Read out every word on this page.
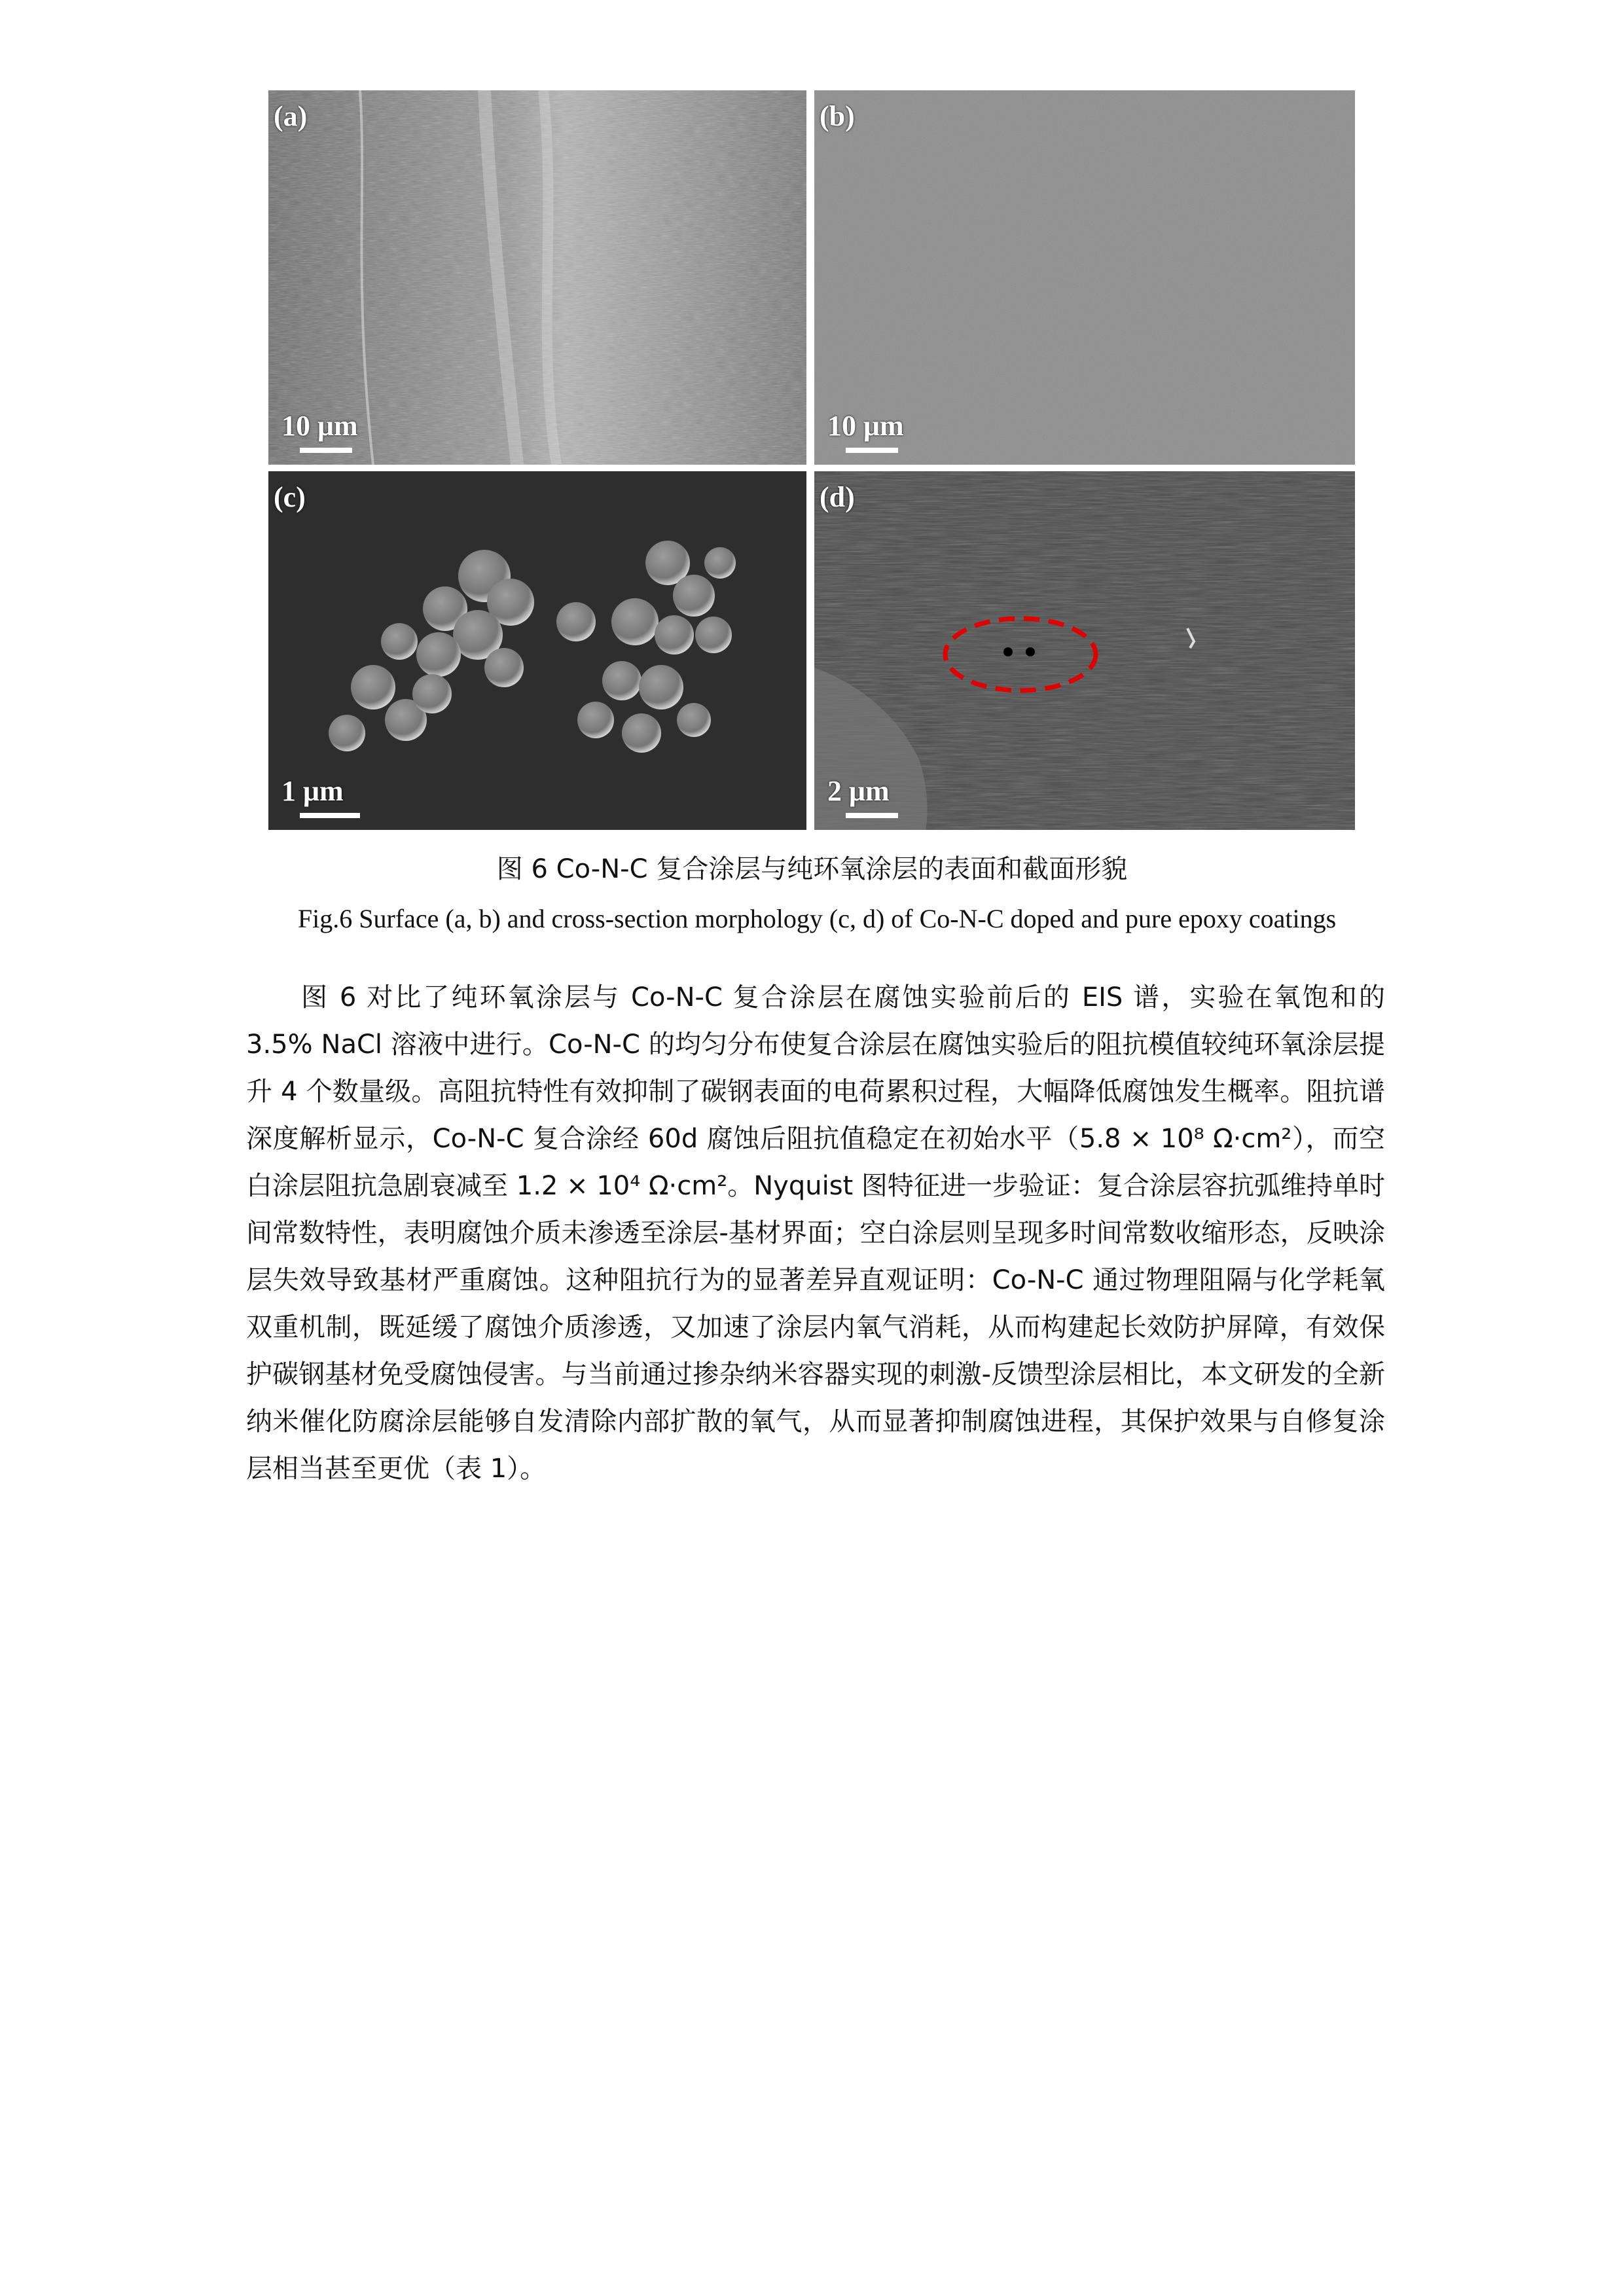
(a)
10 μm
(b)
10 μm
(c)
1 μm
(d)
2 μm
图 6 Co-N-C 复合涂层与纯环氧涂层的表面和截面形貌
Fig.6 Surface (a, b) and cross-section morphology (c, d) of Co-N-C doped and pure epoxy coatings

图 6 对比了纯环氧涂层与 Co-N-C 复合涂层在腐蚀实验前后的 EIS 谱，实验在氧饱和的 3.5% NaCl 溶液中进行。Co-N-C 的均匀分布使复合涂层在腐蚀实验后的阻抗模值较纯环氧涂层提升 4 个数量级。高阻抗特性有效抑制了碳钢表面的电荷累积过程，大幅降低腐蚀发生概率。阻抗谱深度解析显示，Co-N-C 复合涂经 60d 腐蚀后阻抗值稳定在初始水平（5.8 × 10⁸ Ω·cm²），而空白涂层阻抗急剧衰减至 1.2 × 10⁴ Ω·cm²。Nyquist 图特征进一步验证：复合涂层容抗弧维持单时间常数特性，表明腐蚀介质未渗透至涂层-基材界面；空白涂层则呈现多时间常数收缩形态，反映涂层失效导致基材严重腐蚀。这种阻抗行为的显著差异直观证明：Co-N-C 通过物理阻隔与化学耗氧双重机制，既延缓了腐蚀介质渗透，又加速了涂层内氧气消耗，从而构建起长效防护屏障，有效保护碳钢基材免受腐蚀侵害。与当前通过掺杂纳米容器实现的刺激-反馈型涂层相比，本文研发的全新纳米催化防腐涂层能够自发清除内部扩散的氧气，从而显著抑制腐蚀进程，其保护效果与自修复涂层相当甚至更优（表 1）。
